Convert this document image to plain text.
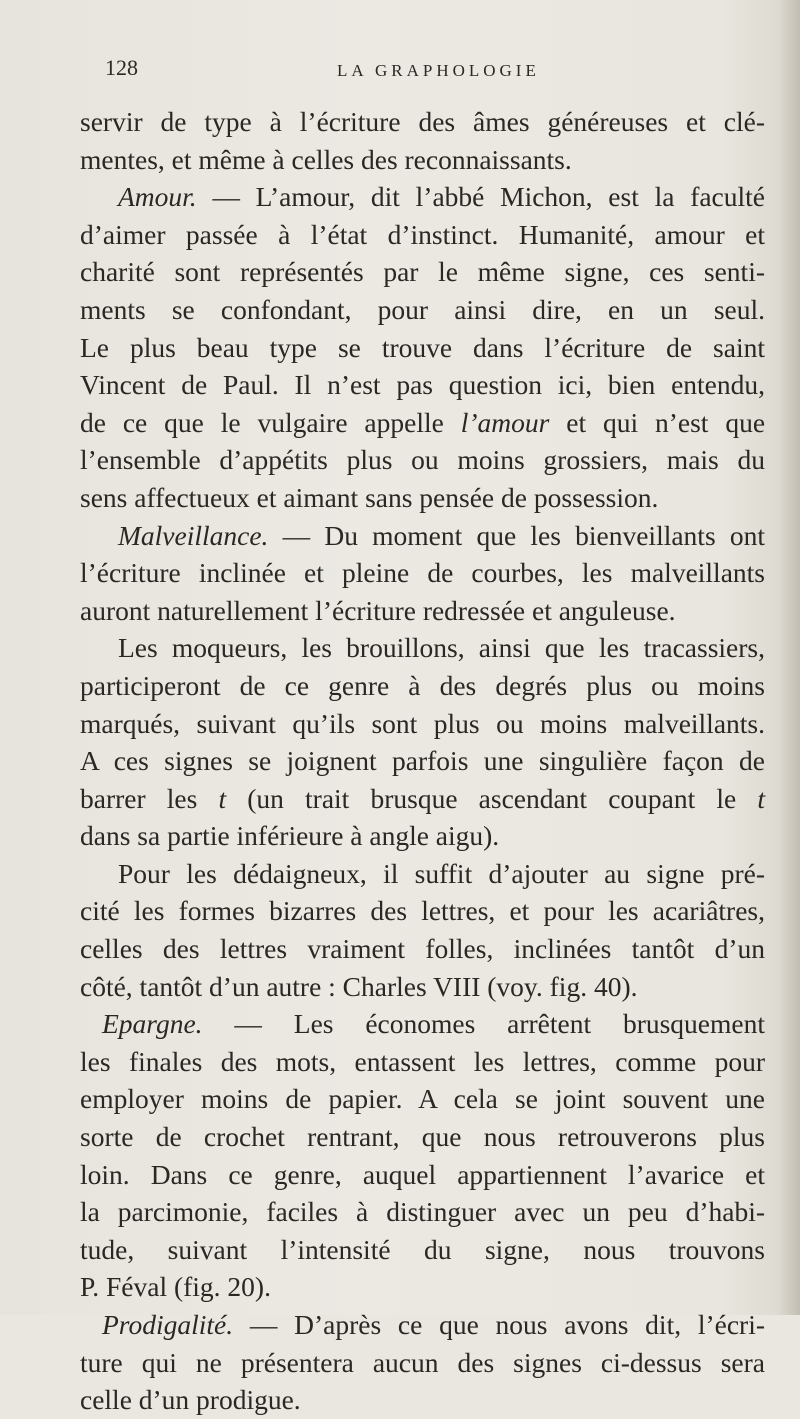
128	LA GRAPHOLOGIE
servir de type à l’écriture des âmes généreuses et clé-
mentes, et même à celles des reconnaissants.
Amour. — L’amour, dit l’abbé Michon, est la faculté
d’aimer passée à l’état d’instinct. Humanité, amour et
charité sont représentés par le même signe, ces senti-
ments se confondant, pour ainsi dire, en un seul.
Le plus beau type se trouve dans l’écriture de saint
Vincent de Paul. Il n’est pas question ici, bien entendu,
de ce que le vulgaire appelle l’amour et qui n’est que
l’ensemble d’appétits plus ou moins grossiers, mais du
sens affectueux et aimant sans pensée de possession.
Malveillance. — Du moment que les bienveillants ont
l’écriture inclinée et pleine de courbes, les malveillants
auront naturellement l’écriture redressée et anguleuse.
Les moqueurs, les brouillons, ainsi que les tracassiers,
participeront de ce genre à des degrés plus ou moins
marqués, suivant qu’ils sont plus ou moins malveillants.
A ces signes se joignent parfois une singulière façon de
barrer les t (un trait brusque ascendant coupant le t
dans sa partie inférieure à angle aigu).
Pour les dédaigneux, il suffit d’ajouter au signe pré-
cité les formes bizarres des lettres, et pour les acariâtres,
celles des lettres vraiment folles, inclinées tantôt d’un
côté, tantôt d’un autre : Charles VIII (voy. fig. 40).
Epargne. — Les économes arrêtent brusquement
les finales des mots, entassent les lettres, comme pour
employer moins de papier. A cela se joint souvent une
sorte de crochet rentrant, que nous retrouverons plus
loin. Dans ce genre, auquel appartiennent l’avarice et
la parcimonie, faciles à distinguer avec un peu d’habi-
tude, suivant l’intensité du signe, nous trouvons
P. Féval (fig. 20).
Prodigalité. — D’après ce que nous avons dit, l’écri-
ture qui ne présentera aucun des signes ci-dessus sera
celle d’un prodigue.
